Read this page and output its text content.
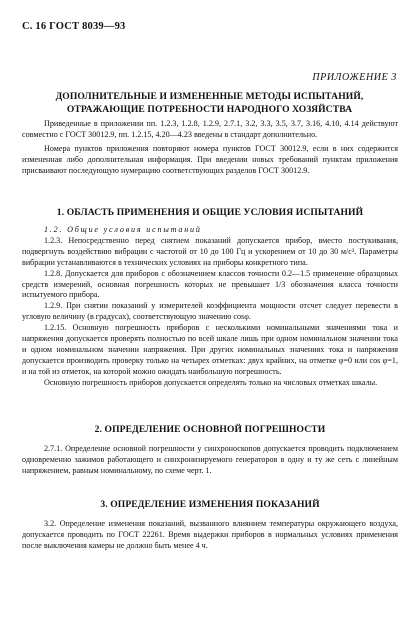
С. 16 ГОСТ 8039—93
ПРИЛОЖЕНИЕ 3
ДОПОЛНИТЕЛЬНЫЕ И ИЗМЕНЕННЫЕ МЕТОДЫ ИСПЫТАНИЙ,
ОТРАЖАЮЩИЕ ПОТРЕБНОСТИ НАРОДНОГО ХОЗЯЙСТВА

Приведенные в приложении пп. 1.2.3, 1.2.8, 1.2.9, 2.7.1, 3.2, 3.3, 3.5, 3.7, 3.16, 4.10, 4.14 действуют совместно с ГОСТ 30012.9, пп. 1.2.15, 4.20—4.23 введены в стандарт дополнительно.

Номера пунктов приложения повторяют номера пунктов ГОСТ 30012.9, если в них содержится измененная либо дополнительная информация. При введении новых требований пунктам приложения присваивают последующую нумерацию соответствующих разделов ГОСТ 30012.9.

1. ОБЛАСТЬ ПРИМЕНЕНИЯ И ОБЩИЕ УСЛОВИЯ ИСПЫТАНИЙ

1.2. Общие условия испытаний

1.2.3. Непосредственно перед снятием показаний допускается прибор, вместо постукивания, подвергнуть воздействию вибрации с частотой от 10 до 100 Гц и ускорением от 10 до 30 м/с². Параметры вибрации устанавливаются в технических условиях на приборы конкретного типа.

1.2.8. Допускается для приборов с обозначением классов точности 0.2—1.5 применение образцовых средств измерений, основная погрешность которых не превышает 1/3 обозначения класса точности испытуемого прибора.

1.2.9. При снятии показаний у измерителей коэффициента мощности отсчет следует перевести в угловую величину (в градусах), соответствующую значению cosφ.

1.2.15. Основную погрешность приборов с несколькими номинальными значениями тока и напряжения допускается проверять полностью по всей шкале лишь при одном номинальном значении тока и одном номинальном значении напряжения. При других номинальных значениях тока и напряжения допускается производить проверку только на четырех отметках: двух крайних, на отметке φ=0 или cos φ=1, и на той из отметок, на которой можно ожидать наибольшую погрешность.

Основную погрешность приборов допускается определять только на числовых отметках шкалы.

2. ОПРЕДЕЛЕНИЕ ОСНОВНОЙ ПОГРЕШНОСТИ

2.7.1. Определение основной погрешности у синхроноскопов допускается проводить подключением одновременно зажимов работающего и синхронизируемого генераторов в одну и ту же сеть с линейным напряжением, равным номинальному, по схеме черт. 1.

3. ОПРЕДЕЛЕНИЕ ИЗМЕНЕНИЯ ПОКАЗАНИЙ

3.2. Определение изменения показаний, вызванного влиянием температуры окружающего воздуха, допускается проводить по ГОСТ 22261. Время выдержки приборов в нормальных условиях применения после выключения камеры не должно быть менее 4 ч.
